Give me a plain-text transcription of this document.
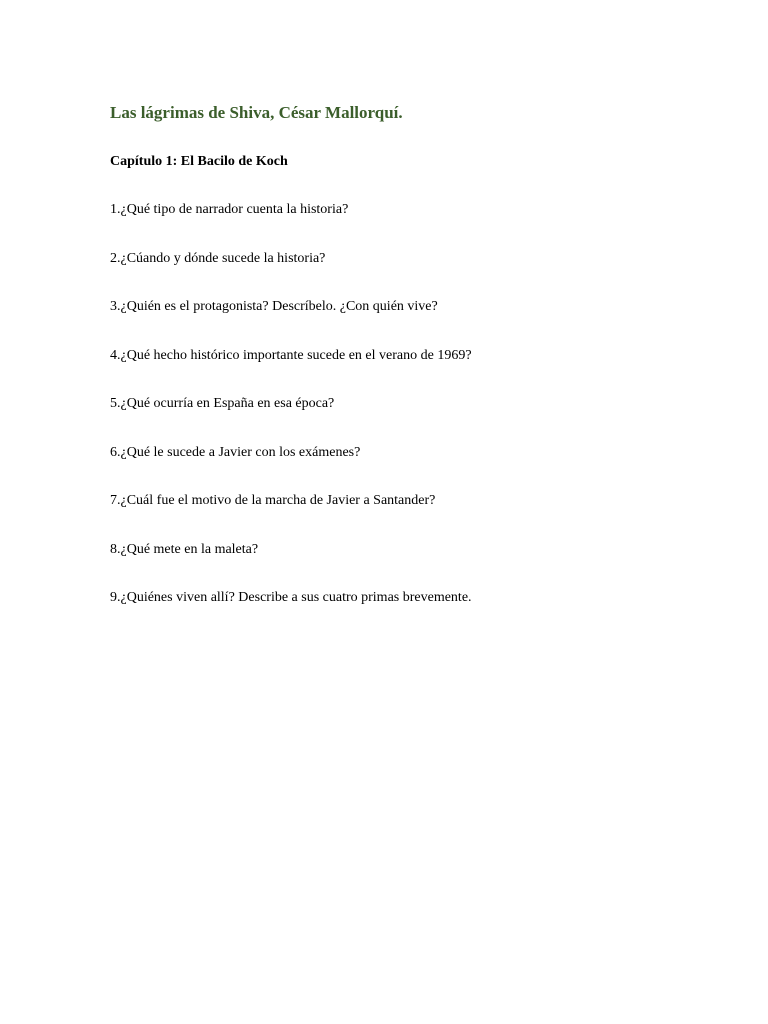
Las lágrimas de Shiva, César Mallorquí.
Capítulo 1: El Bacilo de Koch
1.¿Qué tipo de narrador cuenta la historia?
2.¿Cúando y dónde sucede la historia?
3.¿Quién es el protagonista? Descríbelo. ¿Con quién vive?
4.¿Qué hecho histórico importante sucede en el verano de 1969?
5.¿Qué ocurría en España en esa época?
6.¿Qué le sucede a Javier con los exámenes?
7.¿Cuál fue el motivo de la marcha de Javier a Santander?
8.¿Qué mete en la maleta?
9.¿Quiénes viven allí? Describe a sus cuatro primas brevemente.
